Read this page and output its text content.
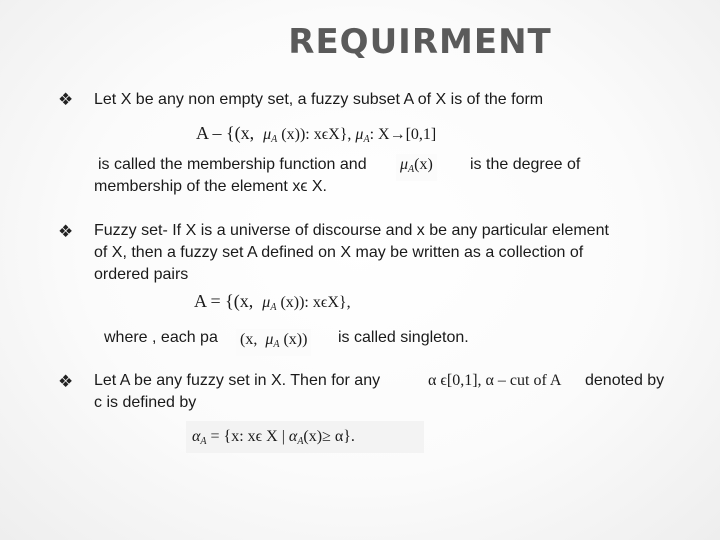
REQUIRMENT
❖ Let X be any non empty set, a fuzzy subset A of X is of the form
A – {(x,  $\mu_A$ (x)): xϵX}, $\mu_A$: X→[0,1]
is called the membership function and $\mu_A(x)$ is the degree of
membership of the element xϵ X.
❖ Fuzzy set- If X is a universe of discourse and x be any particular element
of X, then a fuzzy set A defined on X may be written as a collection of
ordered pairs
A = {(x,  $\mu_A$ (x)): xϵX},
where , each pa (x,  $\mu_A$ (x)) is called singleton.
❖ Let A be any fuzzy set in X. Then for any	α ϵ[0,1], α – cut of A denoted by
c is defined by
$\alpha_A = \{x$: xϵ X | $\alpha_A(x)\ge \alpha$}.
